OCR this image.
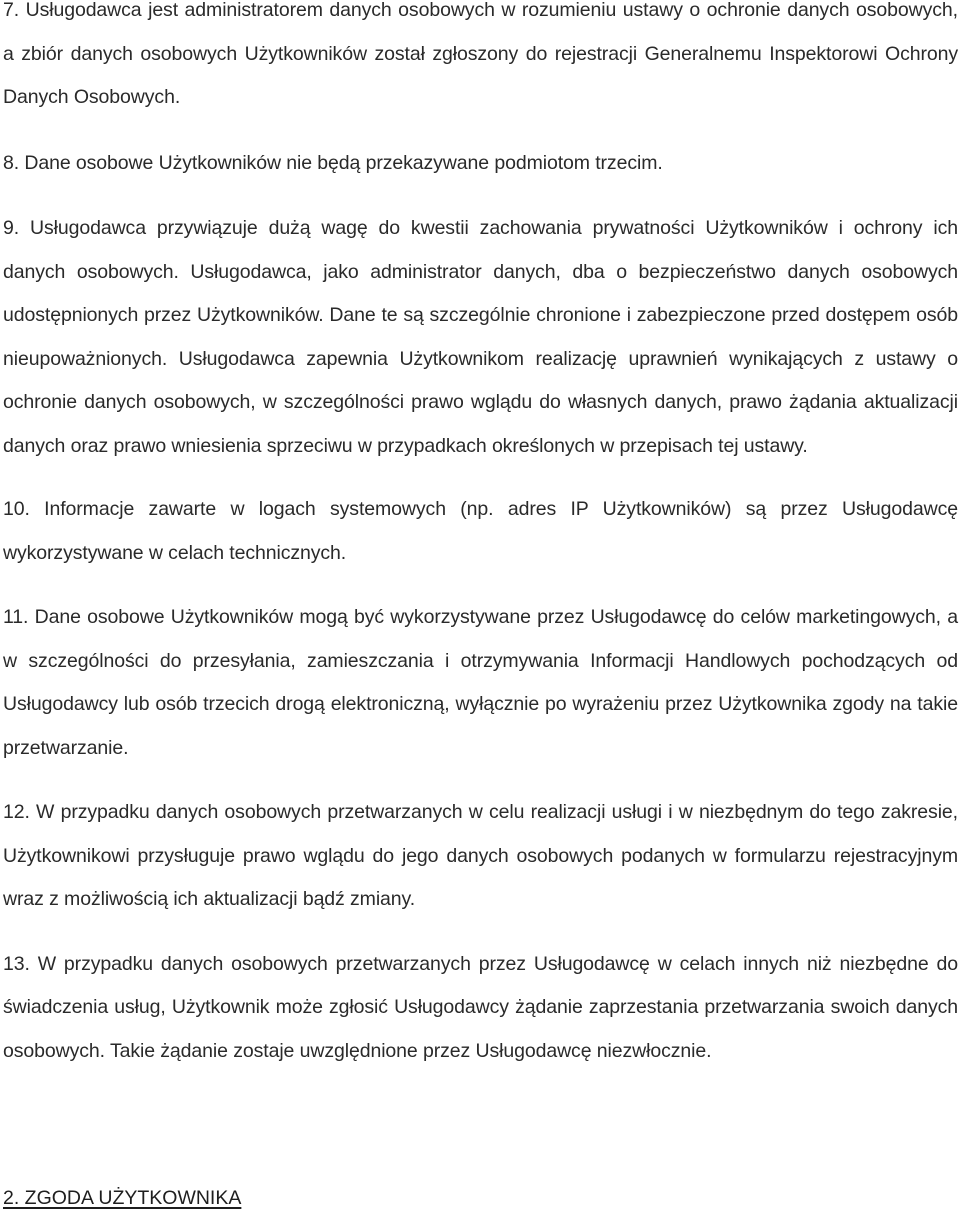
7. Usługodawca jest administratorem danych osobowych w rozumieniu ustawy o ochronie danych osobowych, a zbiór danych osobowych Użytkowników został zgłoszony do rejestracji Generalnemu Inspektorowi Ochrony Danych Osobowych.

8. Dane osobowe Użytkowników nie będą przekazywane podmiotom trzecim.

9. Usługodawca przywiązuje dużą wagę do kwestii zachowania prywatności Użytkowników i ochrony ich danych osobowych. Usługodawca, jako administrator danych, dba o bezpieczeństwo danych osobowych udostępnionych przez Użytkowników. Dane te są szczególnie chronione i zabezpieczone przed dostępem osób nieupoważnionych. Usługodawca zapewnia Użytkownikom realizację uprawnień wynikających z ustawy o ochronie danych osobowych, w szczególności prawo wglądu do własnych danych, prawo żądania aktualizacji danych oraz prawo wniesienia sprzeciwu w przypadkach określonych w przepisach tej ustawy.

10. Informacje zawarte w logach systemowych (np. adres IP Użytkowników) są przez Usługodawcę wykorzystywane w celach technicznych.

11. Dane osobowe Użytkowników mogą być wykorzystywane przez Usługodawcę do celów marketingowych, a w szczególności do przesyłania, zamieszczania i otrzymywania Informacji Handlowych pochodzących od Usługodawcy lub osób trzecich drogą elektroniczną, wyłącznie po wyrażeniu przez Użytkownika zgody na takie przetwarzanie.

12. W przypadku danych osobowych przetwarzanych w celu realizacji usługi i w niezbędnym do tego zakresie, Użytkownikowi przysługuje prawo wglądu do jego danych osobowych podanych w formularzu rejestracyjnym wraz z możliwością ich aktualizacji bądź zmiany.

13. W przypadku danych osobowych przetwarzanych przez Usługodawcę w celach innych niż niezbędne do świadczenia usług, Użytkownik może zgłosić Usługodawcy żądanie zaprzestania przetwarzania swoich danych osobowych. Takie żądanie zostaje uwzględnione przez Usługodawcę niezwłocznie.

2. ZGODA UŻYTKOWNIKA
